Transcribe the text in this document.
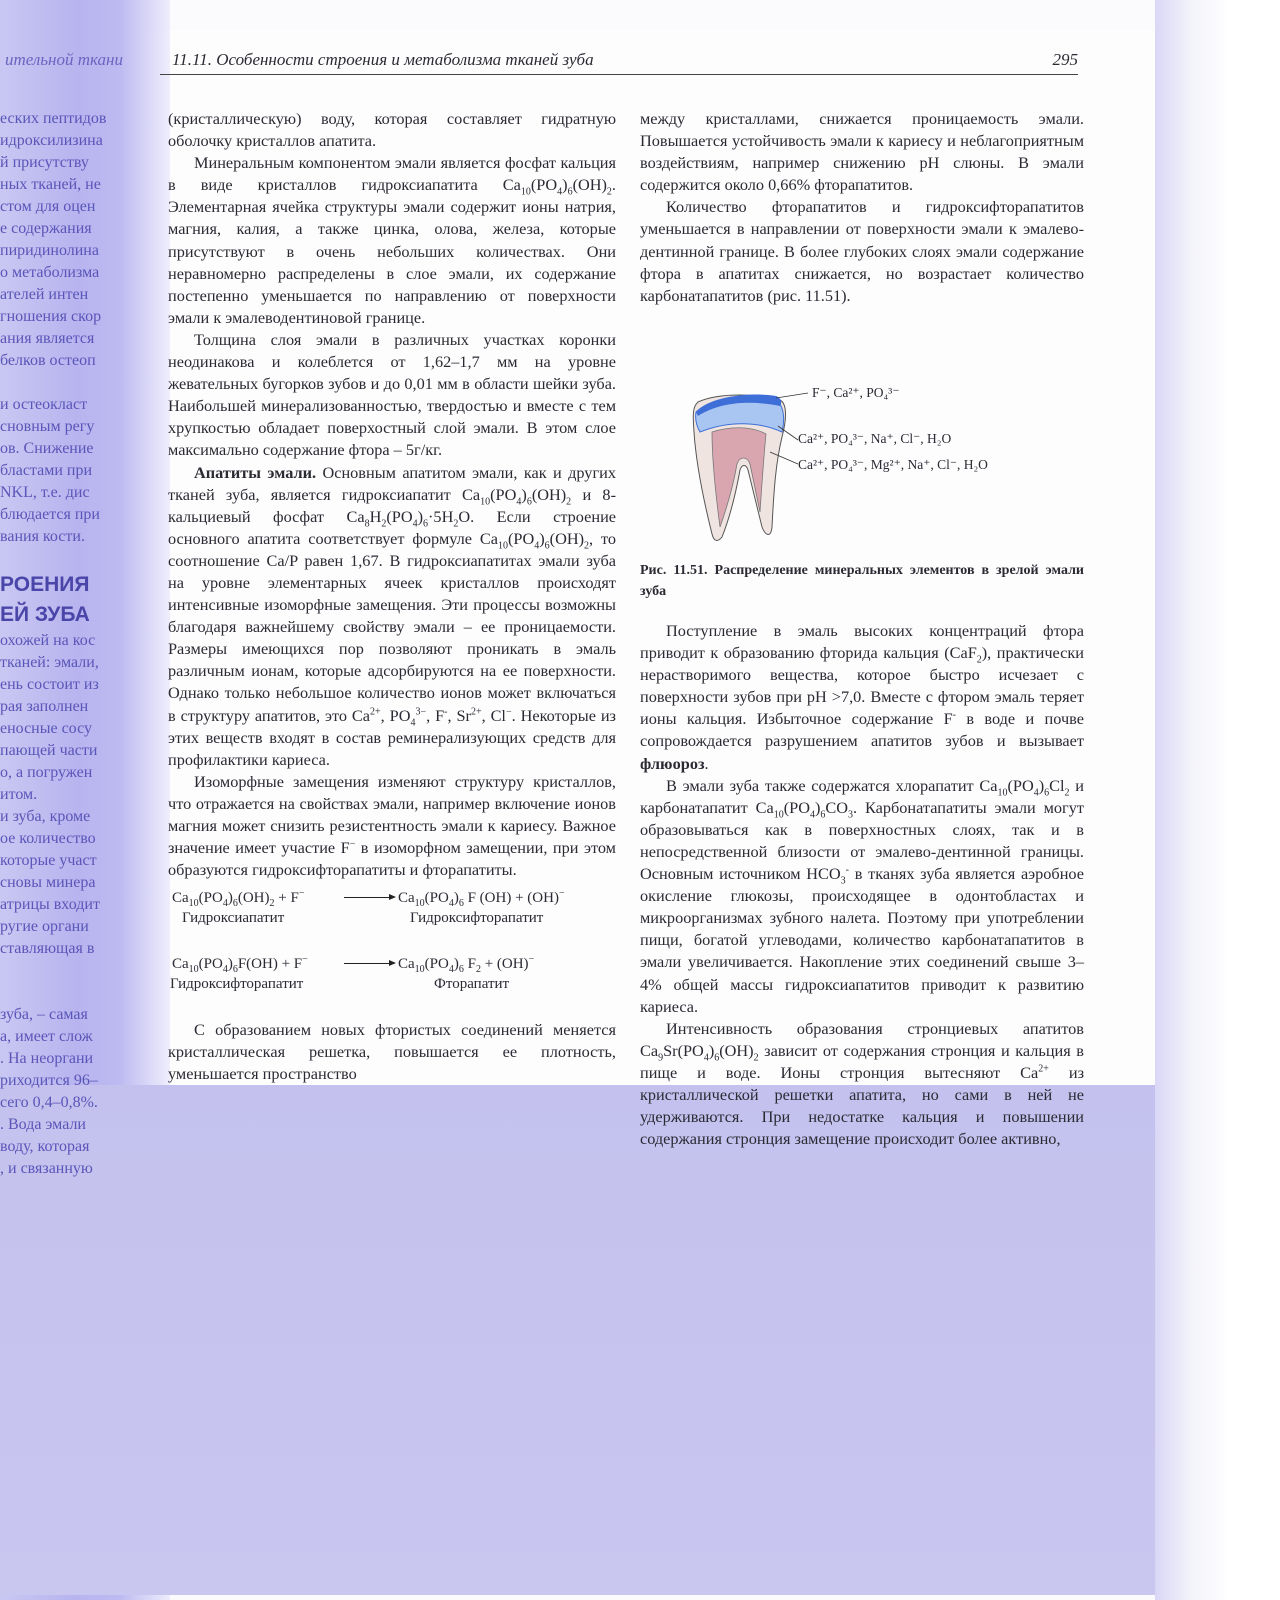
еских пептидов
идроксилизина
й присутству
ных тканей, не
стом для оцен
е содержания
пиридинолина
о метаболизма
ателей интен
гношения скор
ания является
белков остеоп
и остеокласт
сновным регу
ов. Снижение
бластами при
NKL, т.е. дис
блюдается при
вания кости.
РОЕНИЯ
ЕЙ ЗУБА
охожей на кос
тканей: эмали,
ень состоит из
рая заполнен
еносные сосу
пающей части
о, а погружен
итом.
и зуба, кроме
ое количество
которые участ
сновы минера
атрицы входит
ругие органи
ставляющая в
зуба, – самая
а, имеет слож
. На неоргани
риходится 96–
сего 0,4–0,8%.
. Вода эмали
воду, которая
, и связанную
ительной ткани	11.11. Особенности строения и метаболизма тканей зуба	295

(кристаллическую) воду, которая составляет гидратную оболочку кристаллов апатита.

Минеральным компонентом эмали является фосфат кальция в виде кристаллов гидроксиапатита $Ca_{10}(PO_4)_6(OH)_2$. Элементарная ячейка структуры эмали содержит ионы натрия, магния, калия, а также цинка, олова, железа, которые присутствуют в очень небольших количествах. Они неравномерно распределены в слое эмали, их содержание постепенно уменьшается по направлению от поверхности эмали к эмалеводентиновой границе.

Толщина слоя эмали в различных участках коронки неодинакова и колеблется от 1,62–1,7 мм на уровне жевательных бугорков зубов и до 0,01 мм в области шейки зуба. Наибольшей минерализованностью, твердостью и вместе с тем хрупкостью обладает поверхостный слой эмали. В этом слое максимально содержание фтора – 5г/кг.

Апатиты эмали. Основным апатитом эмали, как и других тканей зуба, является гидроксиапатит $Ca_{10}(PO_4)_6(OH)_2$ и 8-кальциевый фосфат $Ca_8H_2(PO_4)_6\cdot 5H_2O$. Если строение основного апатита соответствует формуле $Ca_{10}(PO_4)_6(OH)_2$, то соотношение Ca/P равен 1,67. В гидроксиапатитах эмали зуба на уровне элементарных ячеек кристаллов происходят интенсивные изоморфные замещения. Эти процессы возможны благодаря важнейшему свойству эмали – ее проницаемости. Размеры имеющихся пор позволяют проникать в эмаль различным ионам, которые адсорбируются на ее поверхности. Однако только небольшое количество ионов может включаться в структуру апатитов, это $Ca^{2+}$, $PO_4^{3-}$, F-, $Sr^{2+}$, Cl−. Некоторые из этих веществ входят в состав реминерализующих средств для профилактики кариеса.

Изоморфные замещения изменяют структуру кристаллов, что отражается на свойствах эмали, например включение ионов магния может снизить резистентность эмали к кариесу. Важное значение имеет участие F− в изоморфном замещении, при этом образуются гидроксифторапатиты и фторапатиты.

$Ca_{10}(PO_4)_6(OH)_2 + F^-$	→ $Ca_{10}(PO_4)_6$ F (OH) + (OH)−
Гидроксиапатит	Гидроксифторапатит
$Ca_{10}(PO_4)_6F(OH) + F^- \to Ca_{10}(PO_4)_6$ $F_2 + (OH)^-$
Гидроксифторапатит	Фторапатит

С образованием новых фтористых соединений меняется кристаллическая решетка, повышается ее плотность, уменьшается пространство

между кристаллами, снижается проницаемость эмали. Повышается устойчивость эмали к кариесу и неблагоприятным воздействиям, например снижению pH слюны. В эмали содержится около 0,66% фторапатитов.

Количество фторапатитов и гидроксифторапатитов уменьшается в направлении от поверхности эмали к эмалево-дентинной границе. В более глубоких слоях эмали содержание фтора в апатитах снижается, но возрастает количество карбонатапатитов (рис. 11.51).

F⁻, Ca²⁺, PO₄³⁻
Ca²⁺, PO₄³⁻, Na⁺, Cl⁻, H₂O
Ca²⁺, PO₄³⁻, Mg²⁺, Na⁺, Cl⁻, H₂O
Рис. 11.51. Распределение минеральных элементов в зрелой эмали зуба

Поступление в эмаль высоких концентраций фтора приводит к образованию фторида кальция (CaF$_2$), практически нерастворимого вещества, которое быстро исчезает с поверхности зубов при pH >7,0. Вместе с фтором эмаль теряет ионы кальция. Избыточное содержание F- в воде и почве сопровождается разрушением апатитов зубов и вызывает флюороз.

В эмали зуба также содержатся хлорапатит $Ca_{10}(PO_4)_6Cl_2$ и карбонатапатит $Ca_{10}(PO_4)_6CO_3$. Карбонатапатиты эмали могут образовываться как в поверхностных слоях, так и в непосредственной близости от эмалево-дентинной границы. Основным источником $HCO_3^-$ в тканях зуба является аэробное окисление глюкозы, происходящее в одонтобластах и микроорганизмах зубного налета. Поэтому при употреблении пищи, богатой углеводами, количество карбонатапатитов в эмали увеличивается. Накопление этих соединений свыше 3–4% общей массы гидроксиапатитов приводит к развитию кариеса.

Интенсивность образования стронциевых апатитов $Ca_9Sr(PO_4)_6(OH)_2$ зависит от содержания стронция и кальция в пище и воде. Ионы стронция вытесняют $Ca^{2+}$ из кристаллической решетки апатита, но сами в ней не удерживаются. При недостатке кальция и повышении содержания стронция замещение происходит более активно,
